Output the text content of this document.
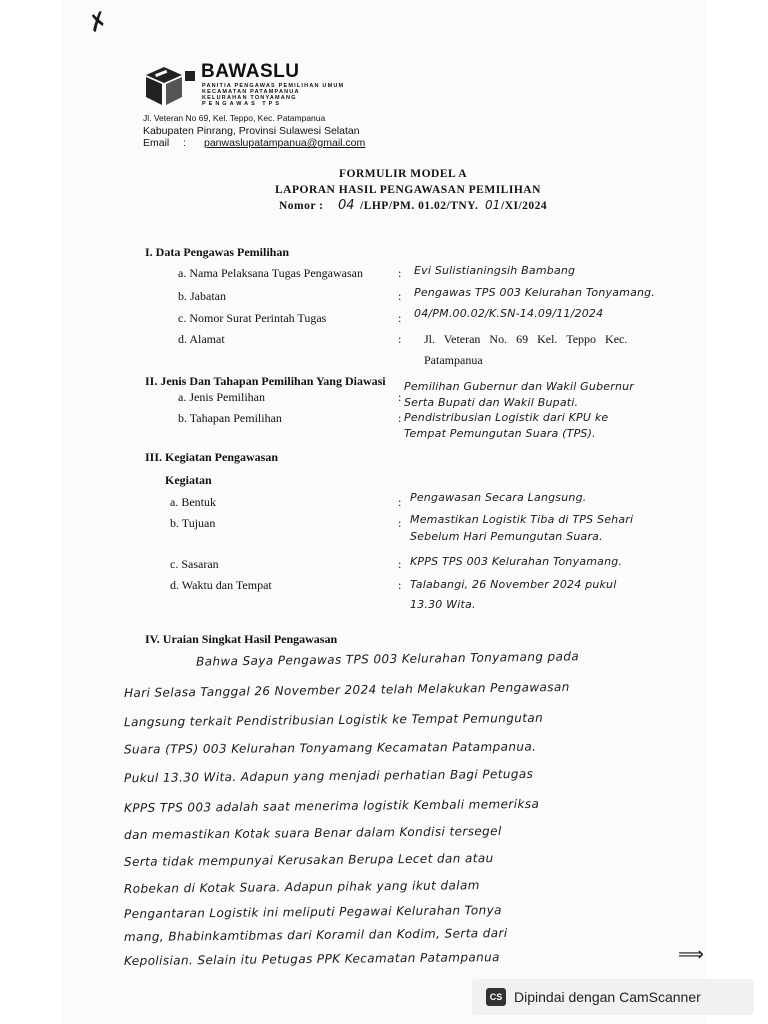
✗
BAWASLU
PANITIA PENGAWAS PEMILIHAN UMUM
KECAMATAN PATAMPANUA
KELURAHAN TONYAMANG
PENGAWAS TPS
Jl. Veteran No 69, Kel. Teppo, Kec. Patampanua
Kabupaten Pinrang, Provinsi Sulawesi Selatan
Email : panwaslupatampanua@gmail.com
FORMULIR MODEL A
LAPORAN HASIL PENGAWASAN PEMILIHAN
Nomor : 04 /LHP/PM. 01.02/TNY. 01 /XI/2024
I. Data Pengawas Pemilihan
a. Nama Pelaksana Tugas Pengawasan	: Evi Sulistianingsih Bambang
b. Jabatan	: Pengawas TPS 003 Kelurahan Tonyamang.
c. Nomor Surat Perintah Tugas	: 04/PM.00.02/K.SN-14.09/11/2024
d. Alamat	: Jl. Veteran No. 69 Kel. Teppo Kec.
Patampanua
II. Jenis Dan Tahapan Pemilihan Yang Diawasi
a. Jenis Pemilihan	:
Pemilihan Gubernur dan Wakil Gubernur
Serta Bupati dan Wakil Bupati.
b. Tahapan Pemilihan	: Pendistribusian Logistik dari KPU ke
Tempat Pemungutan Suara (TPS).
III. Kegiatan Pengawasan
Kegiatan
a. Bentuk	: Pengawasan Secara Langsung.
b. Tujuan	: Memastikan Logistik Tiba di TPS Sehari
Sebelum Hari Pemungutan Suara.
c. Sasaran	: KPPS TPS 003 Kelurahan Tonyamang.
d. Waktu dan Tempat	: Talabangi, 26 November 2024 pukul
13.30 Wita.
IV. Uraian Singkat Hasil Pengawasan
Bahwa Saya Pengawas TPS 003 Kelurahan Tonyamang pada
Hari Selasa Tanggal 26 November 2024 telah Melakukan Pengawasan
Langsung terkait Pendistribusian Logistik ke Tempat Pemungutan
Suara (TPS) 003 Kelurahan Tonyamang Kecamatan Patampanua.
Pukul 13.30 Wita. Adapun yang menjadi perhatian Bagi Petugas
KPPS TPS 003 adalah saat menerima logistik Kembali memeriksa
dan memastikan Kotak suara Benar dalam Kondisi tersegel
Serta tidak mempunyai Kerusakan Berupa Lecet dan atau
Robekan di Kotak Suara. Adapun pihak yang ikut dalam
Pengantaran Logistik ini meliputi Pegawai Kelurahan Tonya
mang, Bhabinkamtibmas dari Koramil dan Kodim, Serta dari
Kepolisian. Selain itu Petugas PPK Kecamatan Patampanua	⟹
CS Dipindai dengan CamScanner
